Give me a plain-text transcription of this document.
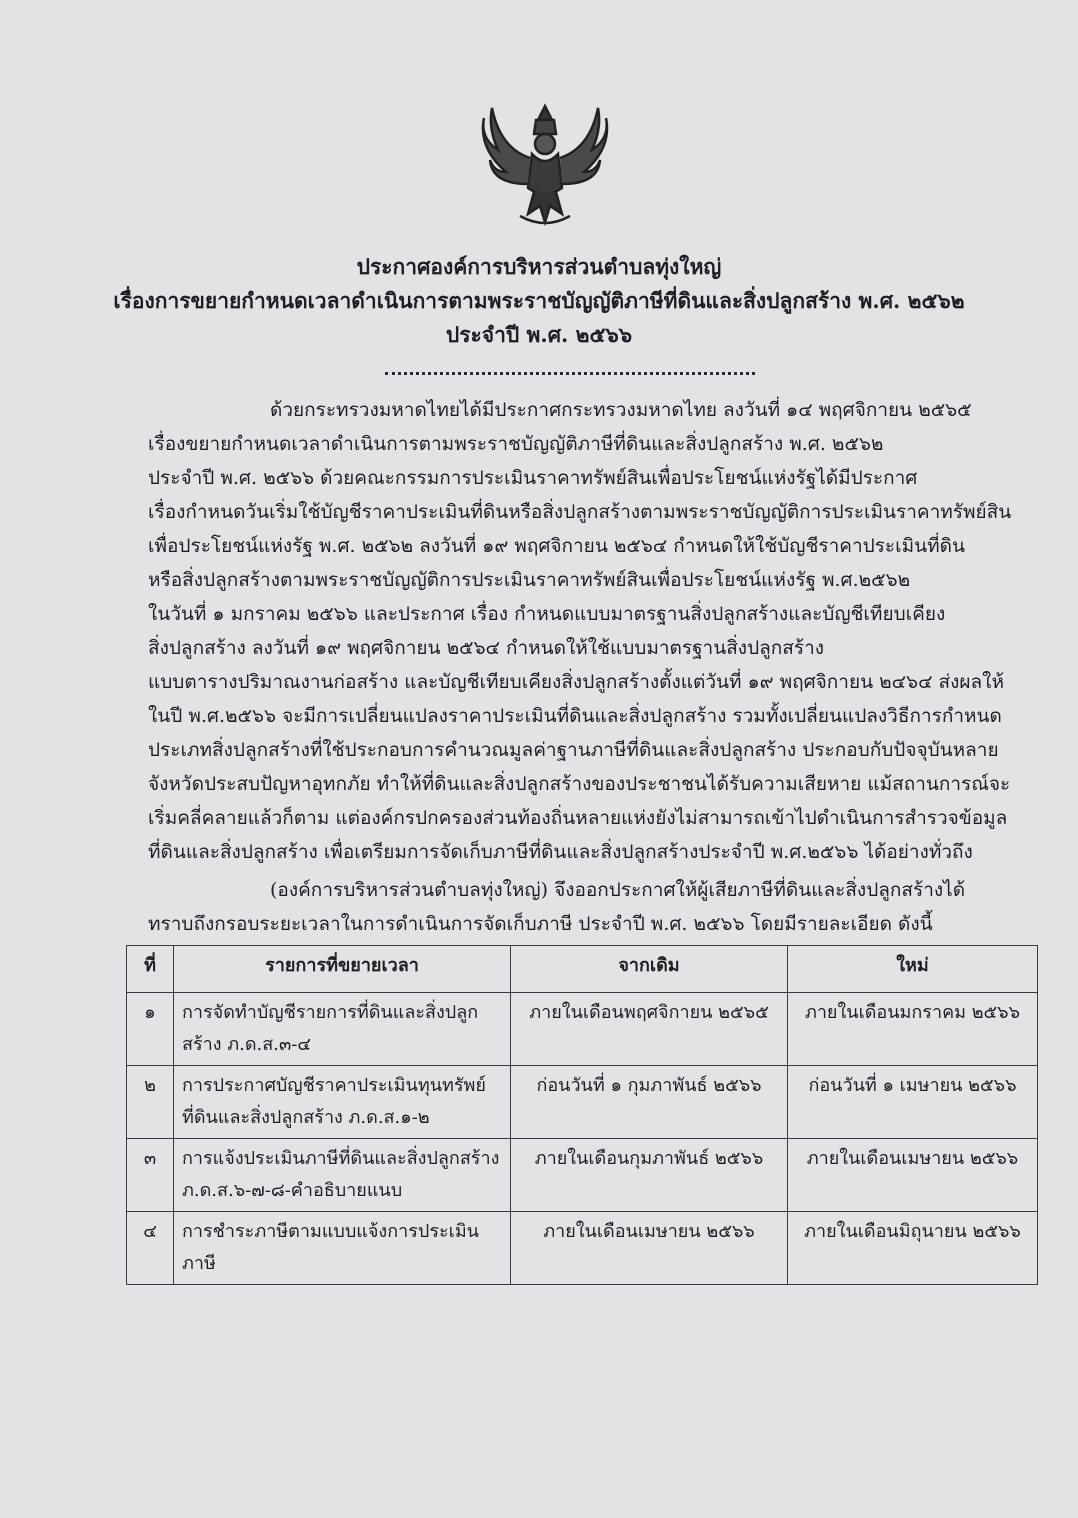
ประกาศองค์การบริหารส่วนตำบลทุ่งใหญ่
เรื่องการขยายกำหนดเวลาดำเนินการตามพระราชบัญญัติภาษีที่ดินและสิ่งปลูกสร้าง พ.ศ. ๒๕๖๒
ประจำปี พ.ศ. ๒๕๖๖
ด้วยกระทรวงมหาดไทยได้มีประกาศกระทรวงมหาดไทย ลงวันที่ ๑๔ พฤศจิกายน ๒๕๖๕
เรื่องขยายกำหนดเวลาดำเนินการตามพระราชบัญญัติภาษีที่ดินและสิ่งปลูกสร้าง พ.ศ. ๒๕๖๒
ประจำปี พ.ศ. ๒๕๖๖ ด้วยคณะกรรมการประเมินราคาทรัพย์สินเพื่อประโยชน์แห่งรัฐได้มีประกาศ
เรื่องกำหนดวันเริ่มใช้บัญชีราคาประเมินที่ดินหรือสิ่งปลูกสร้างตามพระราชบัญญัติการประเมินราคาทรัพย์สิน
เพื่อประโยชน์แห่งรัฐ พ.ศ. ๒๕๖๒ ลงวันที่ ๑๙ พฤศจิกายน ๒๕๖๔ กำหนดให้ใช้บัญชีราคาประเมินที่ดิน
หรือสิ่งปลูกสร้างตามพระราชบัญญัติการประเมินราคาทรัพย์สินเพื่อประโยชน์แห่งรัฐ พ.ศ.๒๕๖๒
ในวันที่ ๑ มกราคม ๒๕๖๖ และประกาศ เรื่อง กำหนดแบบมาตรฐานสิ่งปลูกสร้างและบัญชีเทียบเคียง
สิ่งปลูกสร้าง ลงวันที่ ๑๙ พฤศจิกายน ๒๕๖๔ กำหนดให้ใช้แบบมาตรฐานสิ่งปลูกสร้าง
แบบตารางปริมาณงานก่อสร้าง และบัญชีเทียบเคียงสิ่งปลูกสร้างตั้งแต่วันที่ ๑๙ พฤศจิกายน ๒๔๖๔ ส่งผลให้
ในปี พ.ศ.๒๕๖๖ จะมีการเปลี่ยนแปลงราคาประเมินที่ดินและสิ่งปลูกสร้าง รวมทั้งเปลี่ยนแปลงวิธีการกำหนด
ประเภทสิ่งปลูกสร้างที่ใช้ประกอบการคำนวณมูลค่าฐานภาษีที่ดินและสิ่งปลูกสร้าง ประกอบกับปัจจุบันหลาย
จังหวัดประสบปัญหาอุทกภัย ทำให้ที่ดินและสิ่งปลูกสร้างของประชาชนได้รับความเสียหาย แม้สถานการณ์จะ
เริ่มคลี่คลายแล้วก็ตาม แต่องค์กรปกครองส่วนท้องถิ่นหลายแห่งยังไม่สามารถเข้าไปดำเนินการสำรวจข้อมูล
ที่ดินและสิ่งปลูกสร้าง เพื่อเตรียมการจัดเก็บภาษีที่ดินและสิ่งปลูกสร้างประจำปี พ.ศ.๒๕๖๖ ได้อย่างทั่วถึง
(องค์การบริหารส่วนตำบลทุ่งใหญ่) จึงออกประกาศให้ผู้เสียภาษีที่ดินและสิ่งปลูกสร้างได้
ทราบถึงกรอบระยะเวลาในการดำเนินการจัดเก็บภาษี ประจำปี พ.ศ. ๒๕๖๖ โดยมีรายละเอียด ดังนี้
ที่	รายการที่ขยายเวลา	จากเดิม	ใหม่
๑	การจัดทำบัญชีรายการที่ดินและสิ่งปลูกสร้าง ภ.ด.ส.๓-๔	ภายในเดือนพฤศจิกายน ๒๕๖๕	ภายในเดือนมกราคม ๒๕๖๖
๒	การประกาศบัญชีราคาประเมินทุนทรัพย์ที่ดินและสิ่งปลูกสร้าง ภ.ด.ส.๑-๒	ก่อนวันที่ ๑ กุมภาพันธ์ ๒๕๖๖	ก่อนวันที่ ๑ เมษายน ๒๕๖๖
๓	การแจ้งประเมินภาษีที่ดินและสิ่งปลูกสร้าง ภ.ด.ส.๖-๗-๘-คำอธิบายแนบ	ภายในเดือนกุมภาพันธ์ ๒๕๖๖	ภายในเดือนเมษายน ๒๕๖๖
๔	การชำระภาษีตามแบบแจ้งการประเมินภาษี	ภายในเดือนเมษายน ๒๕๖๖	ภายในเดือนมิถุนายน ๒๕๖๖
